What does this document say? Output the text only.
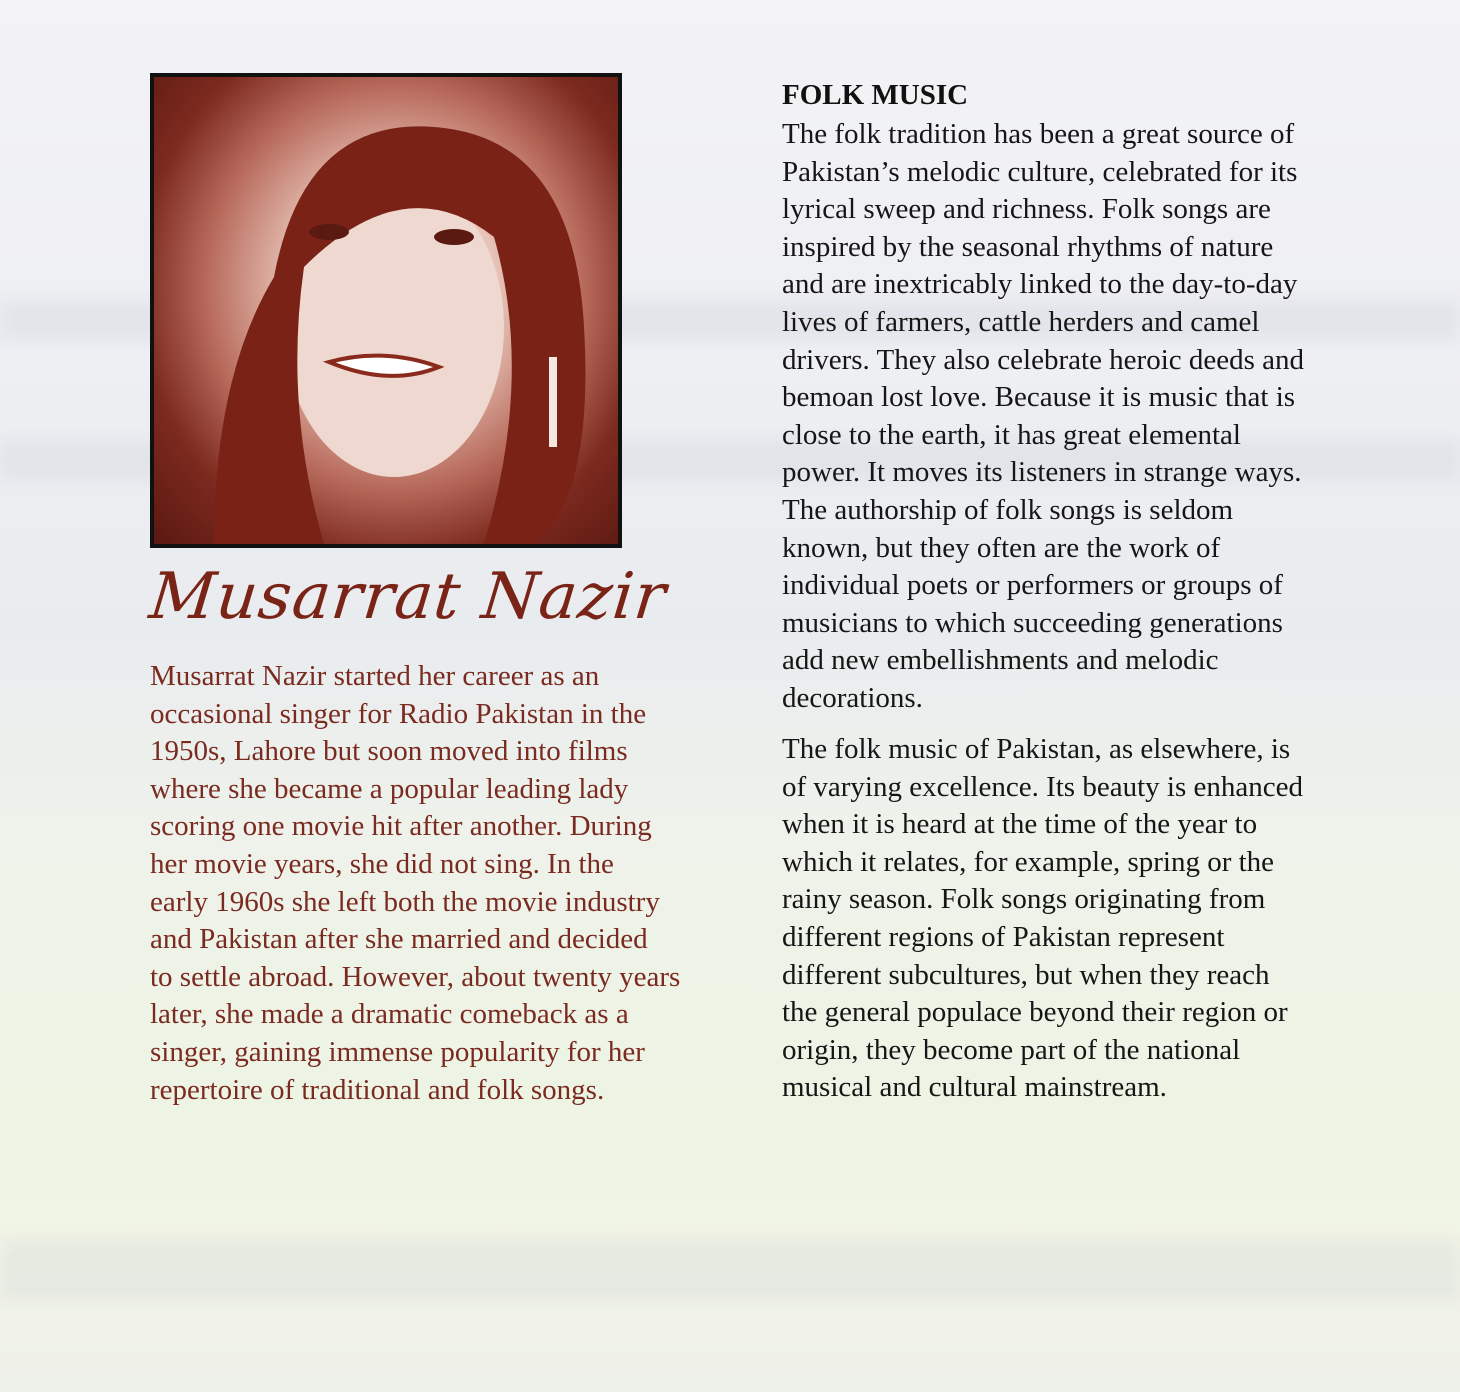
Musarrat Nazir
Musarrat Nazir started her career as an
occasional singer for Radio Pakistan in the
1950s, Lahore but soon moved into films
where she became a popular leading lady
scoring one movie hit after another. During
her movie years, she did not sing. In the
early 1960s she left both the movie industry
and Pakistan after she married and decided
to settle abroad. However, about twenty years
later, she made a dramatic comeback as a
singer, gaining immense popularity for her
repertoire of traditional and folk songs.
FOLK MUSIC
The folk tradition has been a great source of
Pakistan’s melodic culture, celebrated for its
lyrical sweep and richness. Folk songs are
inspired by the seasonal rhythms of nature
and are inextricably linked to the day-to-day
lives of farmers, cattle herders and camel
drivers. They also celebrate heroic deeds and
bemoan lost love. Because it is music that is
close to the earth, it has great elemental
power. It moves its listeners in strange ways.
The authorship of folk songs is seldom
known, but they often are the work of
individual poets or performers or groups of
musicians to which succeeding generations
add new embellishments and melodic
decorations.
The folk music of Pakistan, as elsewhere, is
of varying excellence. Its beauty is enhanced
when it is heard at the time of the year to
which it relates, for example, spring or the
rainy season. Folk songs originating from
different regions of Pakistan represent
different subcultures, but when they reach
the general populace beyond their region or
origin, they become part of the national
musical and cultural mainstream.
